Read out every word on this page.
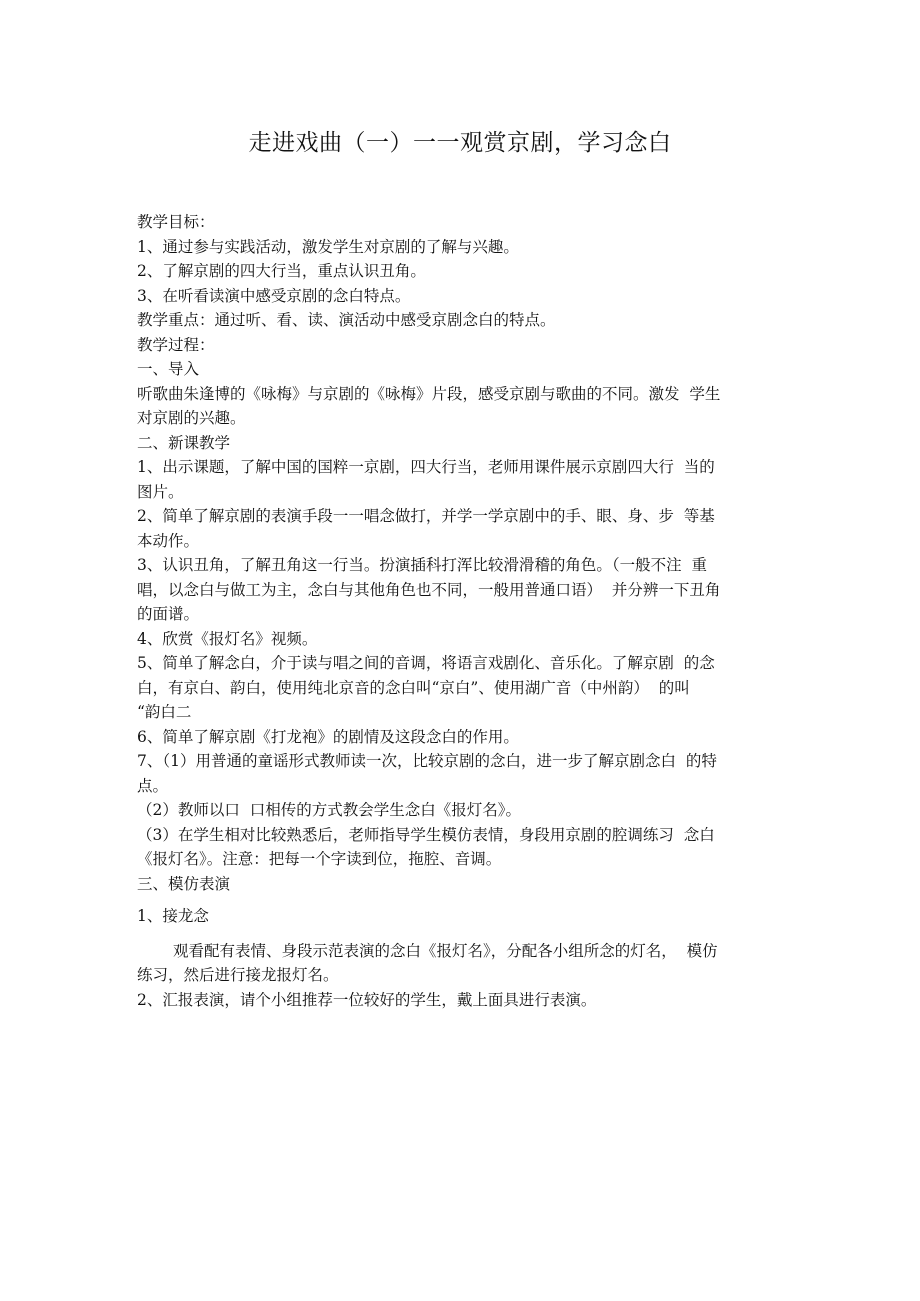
走进戏曲（一）一一观赏京剧，学习念白

教学目标：

1、通过参与实践活动，激发学生对京剧的了解与兴趣。

2、了解京剧的四大行当，重点认识丑角。

3、在听看读演中感受京剧的念白特点。

教学重点：通过听、看、读、演活动中感受京剧念白的特点。

教学过程：

一、导入

听歌曲朱逢博的《咏梅》与京剧的《咏梅》片段，感受京剧与歌曲的不同。激发  学生

对京剧的兴趣。

二、新课教学

1、出示课题，了解中国的国粹一京剧，四大行当，老师用课件展示京剧四大行  当的

图片。

2、简单了解京剧的表演手段一一唱念做打，并学一学京剧中的手、眼、身、步  等基

本动作。

3、认识丑角，了解丑角这一行当。扮演插科打浑比较滑滑稽的角色。（一般不注  重

唱，以念白与做工为主，念白与其他角色也不同，一般用普通口语）  并分辨一下丑角

的面谱。

4、欣赏《报灯名》视频。

5、简单了解念白，介于读与唱之间的音调，将语言戏剧化、音乐化。了解京剧  的念

白，有京白、韵白，使用纯北京音的念白叫“京白”、使用湖广音（中州韵）  的叫

“韵白二

6、简单了解京剧《打龙袍》的剧情及这段念白的作用。

7、（1）用普通的童谣形式教师读一次，比较京剧的念白，进一步了解京剧念白  的特

点。

（2）教师以口  口相传的方式教会学生念白《报灯名》。

（3）在学生相对比较熟悉后，老师指导学生模仿表情，身段用京剧的腔调练习  念白

《报灯名》。注意：把每一个字读到位，拖腔、音调。

三、模仿表演

1、接龙念

观看配有表情、身段示范表演的念白《报灯名》，分配各小组所念的灯名，  模仿

练习，然后进行接龙报灯名。

2、汇报表演，请个小组推荐一位较好的学生，戴上面具进行表演。
